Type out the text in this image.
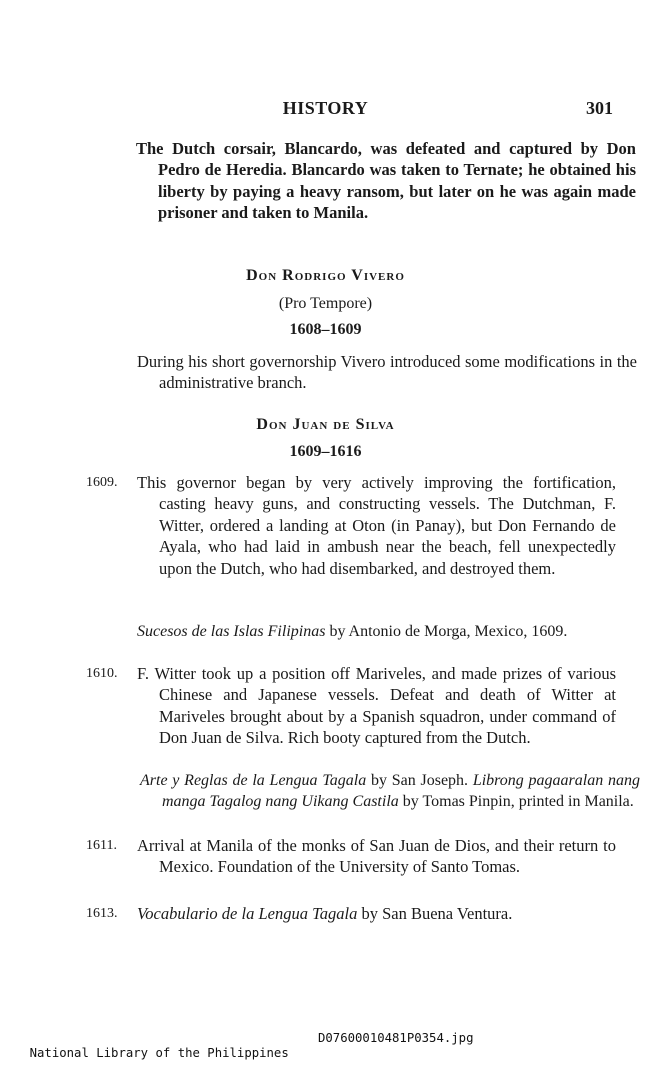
HISTORY	301
The Dutch corsair, Blancardo, was defeated and captured by Don Pedro de Heredia. Blancardo was taken to Ternate; he obtained his liberty by paying a heavy ransom, but later on he was again made prisoner and taken to Manila.
Don Rodrigo Vivero
(Pro Tempore)
1608–1609
During his short governorship Vivero introduced some modifications in the administrative branch.
Don Juan de Silva
1609–1616
1609.	This governor began by very actively improving the fortification, casting heavy guns, and constructing vessels. The Dutchman, F. Witter, ordered a landing at Oton (in Panay), but Don Fernando de Ayala, who had laid in ambush near the beach, fell unexpectedly upon the Dutch, who had disembarked, and destroyed them.
Sucesos de las Islas Filipinas by Antonio de Morga, Mexico, 1609.
1610.	F. Witter took up a position off Mariveles, and made prizes of various Chinese and Japanese vessels. Defeat and death of Witter at Mariveles brought about by a Spanish squadron, under command of Don Juan de Silva. Rich booty captured from the Dutch.
Arte y Reglas de la Lengua Tagala by San Joseph. Librong pagaaralan nang manga Tagalog nang Uikang Castila by Tomas Pinpin, printed in Manila.
1611.	Arrival at Manila of the monks of San Juan de Dios, and their return to Mexico. Foundation of the University of Santo Tomas.
1613.	Vocabulario de la Lengua Tagala by San Buena Ventura.

National Library of the Philippines

D07600010481P0354.jpg
